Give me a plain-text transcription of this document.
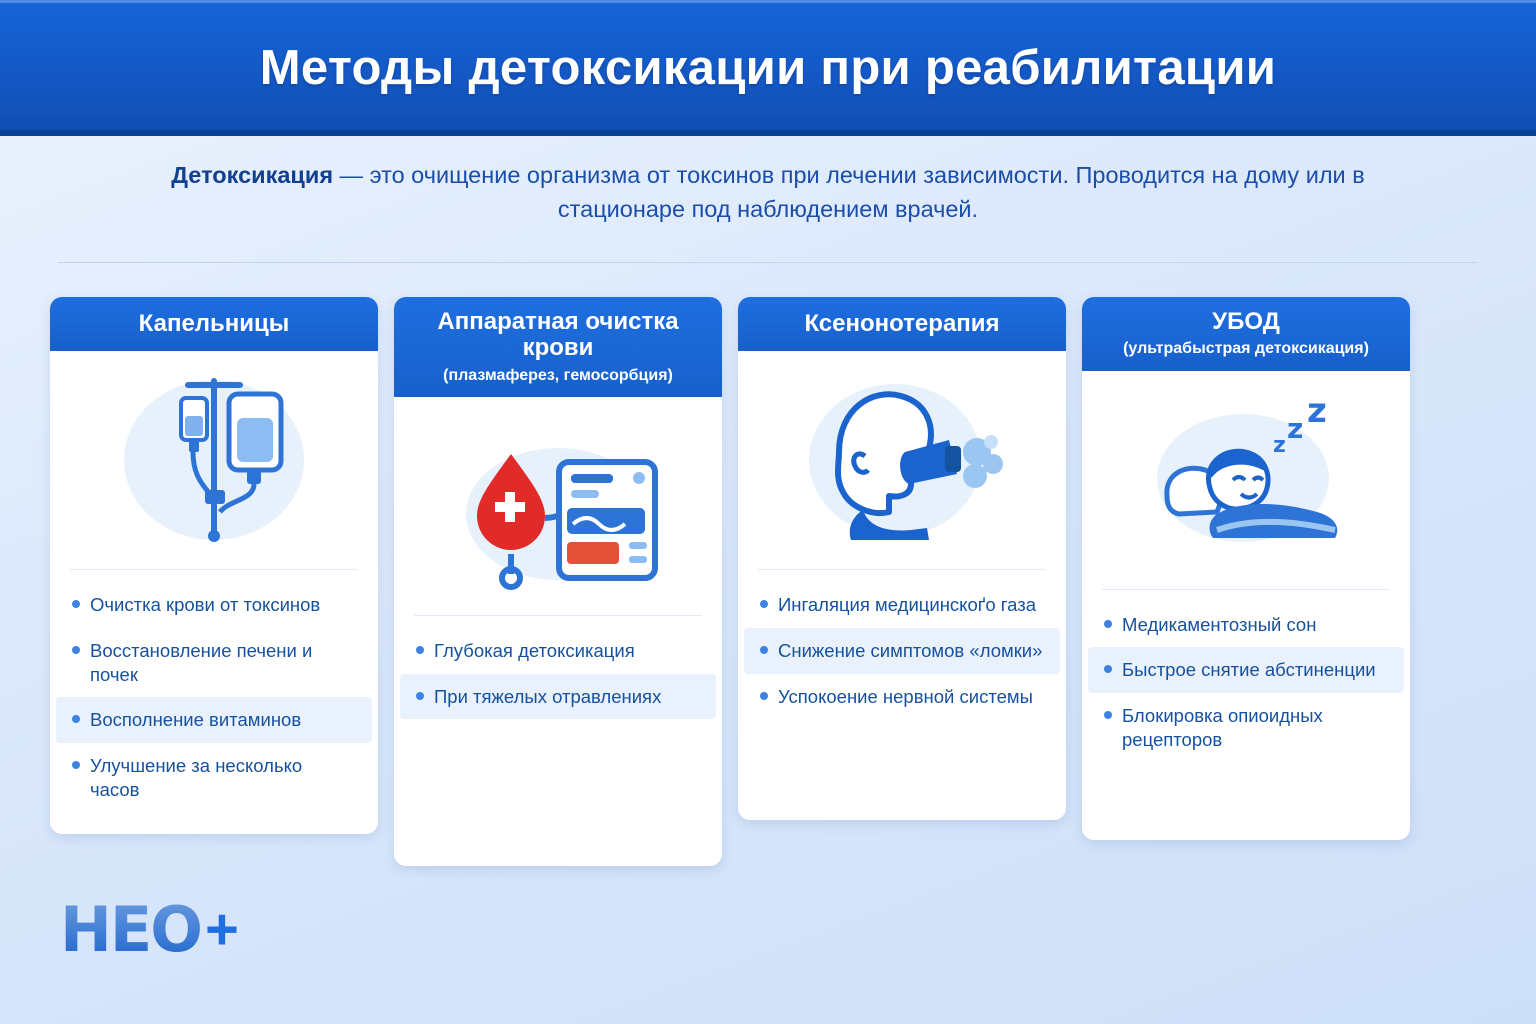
Методы детоксикации при реабилитации
Детоксикация — это очищение организма от токсинов при лечении зависимости. Проводится на дому или в стационаре под наблюдением врачей.
Капельницы
Очистка крови от токсинов
Восстановление печени и почек
Восполнение витаминов
Улучшение за несколько часов
Аппаратная очистка крови
(плазмаферез, гемосорбция)
Глубокая детоксикация
При тяжелых отравлениях
Ксенонотерапия
Ингаляция медицинскоґо газа
Снижение симптомов «ломки»
Успокоение нервной системы
УБОД
(ультрабыстрая детоксикация)
z
z z
Медикаментозный сон
Быстрое снятие абстиненции
Блокировка опиоидных рецепторов
HEO +
